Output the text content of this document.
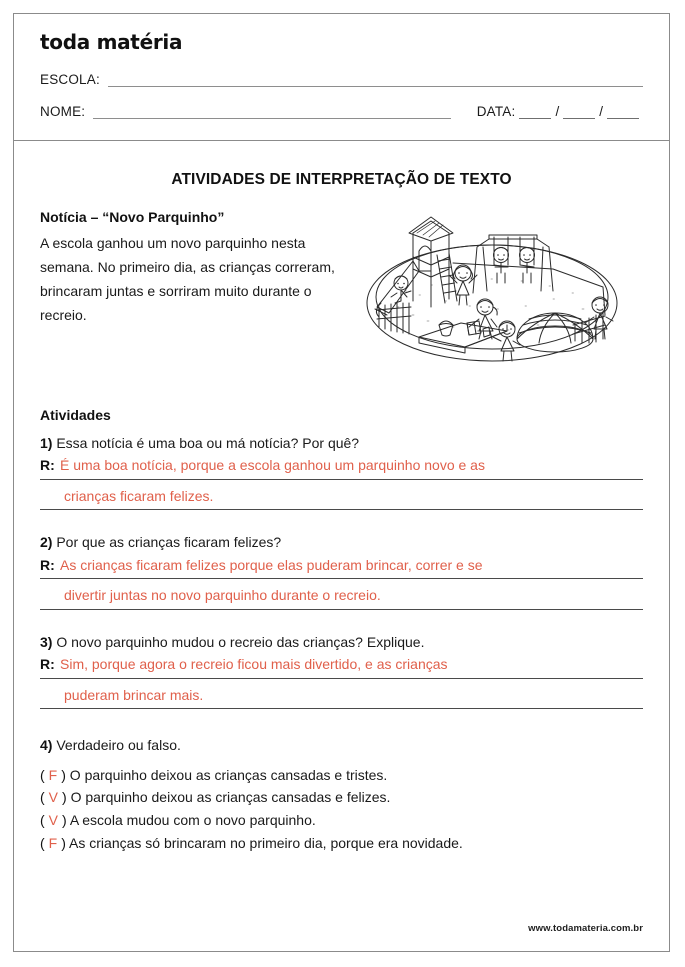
toda matéria
ESCOLA:
NOME:	DATA:	/	/
ATIVIDADES DE INTERPRETAÇÃO DE TEXTO

Notícia – “Novo Parquinho”

A escola ganhou um novo parquinho nesta semana. No primeiro dia, as crianças correram, brincaram juntas e sorriram muito durante o recreio.

Atividades

1) Essa notícia é uma boa ou má notícia? Por quê?

R: É uma boa notícia, porque a escola ganhou um parquinho novo e as
crianças ficaram felizes.

2) Por que as crianças ficaram felizes?

R: As crianças ficaram felizes porque elas puderam brincar, correr e se
divertir juntas no novo parquinho durante o recreio.

3) O novo parquinho mudou o recreio das crianças? Explique.

R: Sim, porque agora o recreio ficou mais divertido, e as crianças
puderam brincar mais.

4) Verdadeiro ou falso.

( F ) O parquinho deixou as crianças cansadas e tristes.

( V ) O parquinho deixou as crianças cansadas e felizes.

( V ) A escola mudou com o novo parquinho.

( F ) As crianças só brincaram no primeiro dia, porque era novidade.

www.todamateria.com.br
